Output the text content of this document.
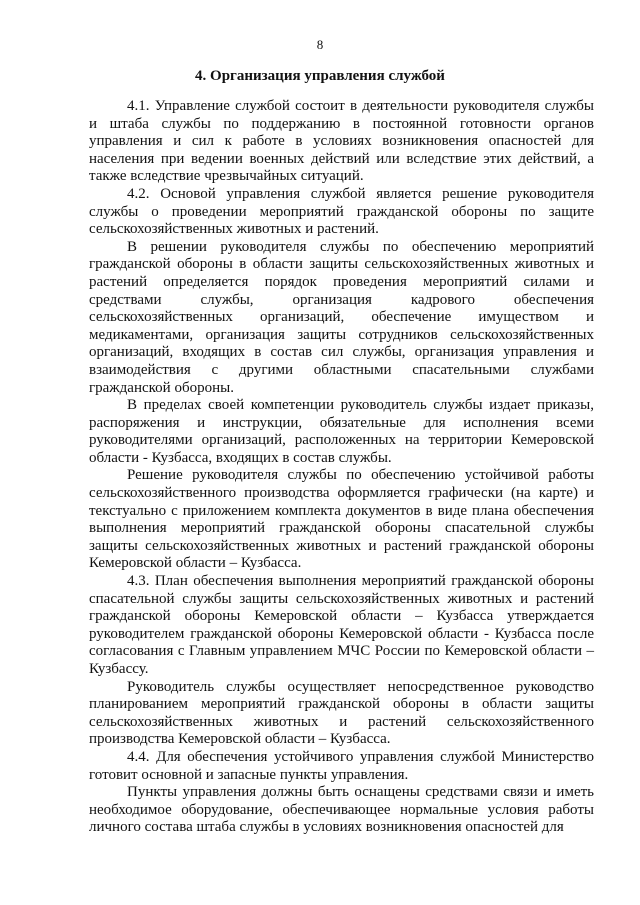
8
4. Организация управления службой

4.1. Управление службой состоит в деятельности руководителя службы и штаба службы по поддержанию в постоянной готовности органов управления и сил к работе в условиях возникновения опасностей для населения при ведении военных действий или вследствие этих действий, а также вследствие чрезвычайных ситуаций.

4.2. Основой управления службой является решение руководителя службы о проведении мероприятий гражданской обороны по защите сельскохозяйственных животных и растений.

В решении руководителя службы по обеспечению мероприятий гражданской обороны в области защиты сельскохозяйственных животных и растений определяется порядок проведения мероприятий силами и средствами службы, организация кадрового обеспечения сельскохозяйственных организаций, обеспечение имуществом и медикаментами, организация защиты сотрудников сельскохозяйственных организаций, входящих в состав сил службы, организация управления и взаимодействия с другими областными спасательными службами гражданской обороны.

В пределах своей компетенции руководитель службы издает приказы, распоряжения и инструкции, обязательные для исполнения всеми руководителями организаций, расположенных на территории Кемеровской области - Кузбасса, входящих в состав службы.

Решение руководителя службы по обеспечению устойчивой работы сельскохозяйственного производства оформляется графически (на карте) и текстуально с приложением комплекта документов в виде плана обеспечения выполнения мероприятий гражданской обороны спасательной службы защиты сельскохозяйственных животных и растений гражданской обороны Кемеровской области – Кузбасса.

4.3. План обеспечения выполнения мероприятий гражданской обороны спасательной службы защиты сельскохозяйственных животных и растений гражданской обороны Кемеровской области – Кузбасса утверждается руководителем гражданской обороны Кемеровской области - Кузбасса после согласования с Главным управлением МЧС России по Кемеровской области – Кузбассу.

Руководитель службы осуществляет непосредственное руководство планированием мероприятий гражданской обороны в области защиты сельскохозяйственных животных и растений сельскохозяйственного производства Кемеровской области – Кузбасса.

4.4. Для обеспечения устойчивого управления службой Министерство готовит основной и запасные пункты управления.

Пункты управления должны быть оснащены средствами связи и иметь необходимое оборудование, обеспечивающее нормальные условия работы личного состава штаба службы в условиях возникновения опасностей для
